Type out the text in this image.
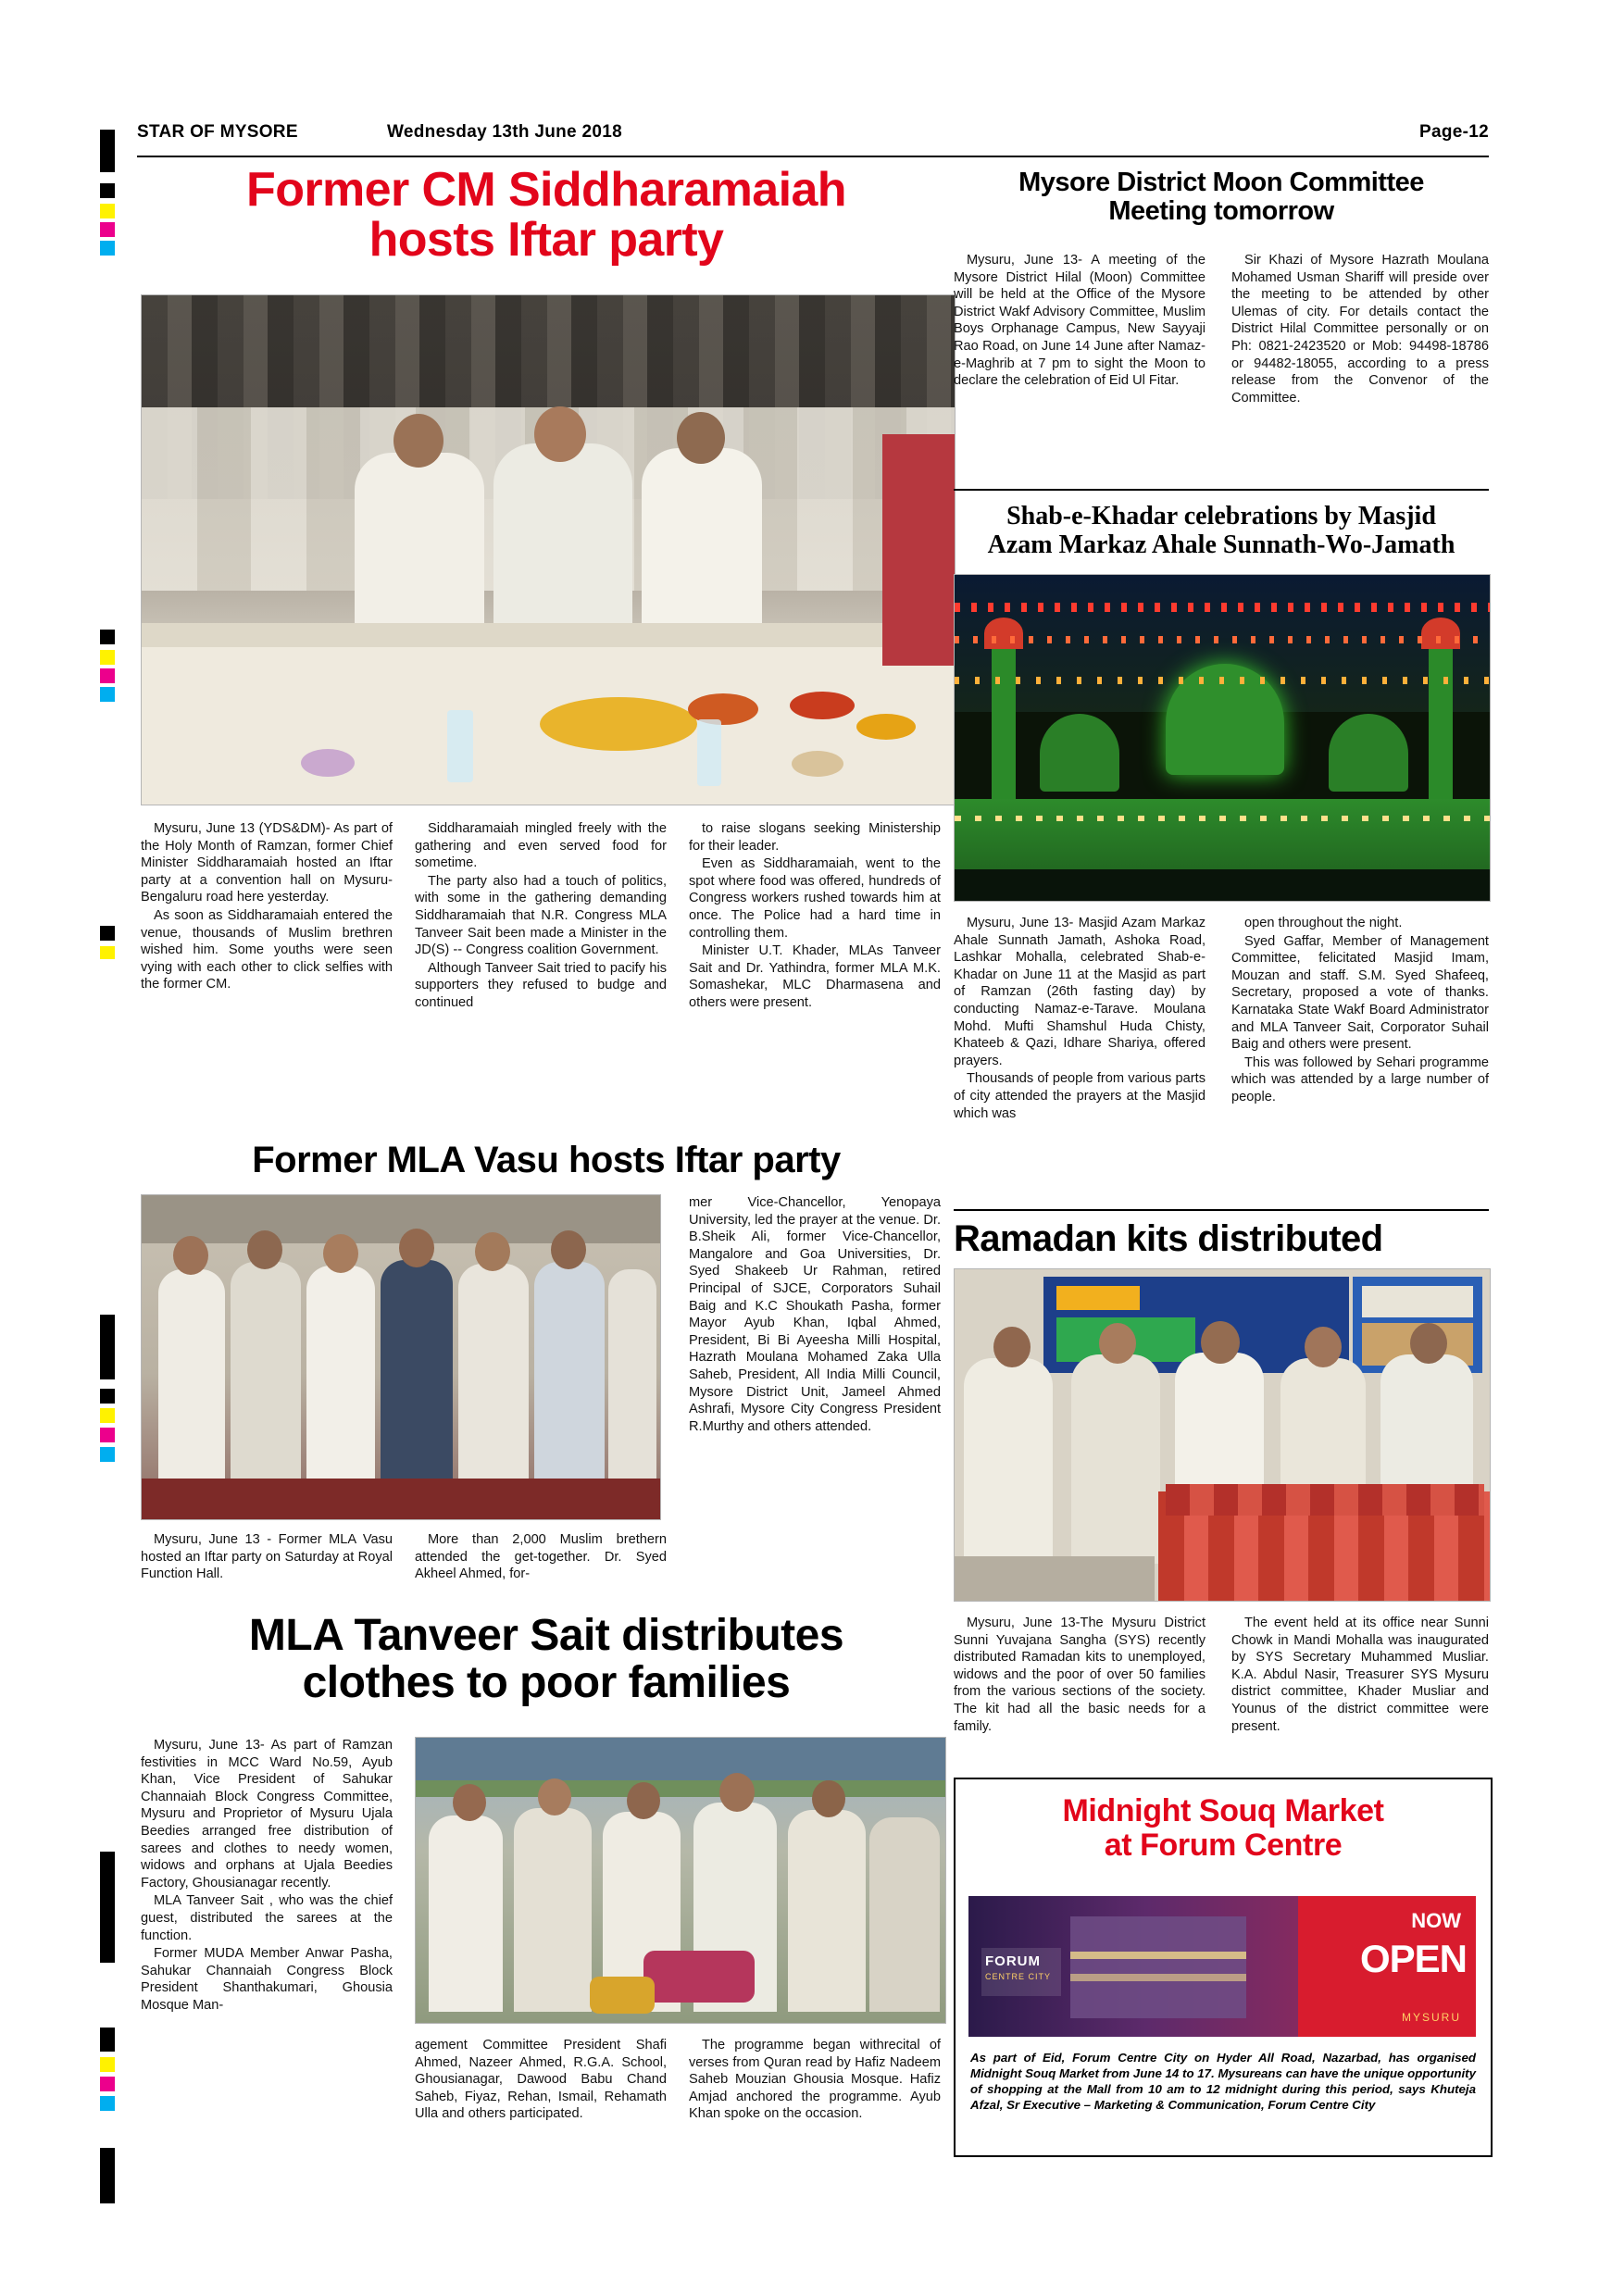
STAR OF MYSORE	Wednesday 13th June 2018	Page-12
Former CM Siddharamaiah
hosts Iftar party

Mysuru, June 13 (YDS&DM)- As part of the Holy Month of Ramzan, former Chief Minister Siddharamaiah hosted an Iftar party at a convention hall on Mysuru-Bengaluru road here yesterday.

As soon as Siddharamaiah entered the venue, thousands of Muslim brethren wished him. Some youths were seen vying with each other to click selfies with the former CM.

Siddharamaiah mingled freely with the gathering and even served food for sometime.

The party also had a touch of politics, with some in the gathering demanding Siddharamaiah that N.R. Congress MLA Tanveer Sait been made a Minister in the JD(S) -- Congress coalition Government.

Although Tanveer Sait tried to pacify his supporters they refused to budge and continued

to raise slogans seeking Ministership for their leader.

Even as Siddharamaiah, went to the spot where food was offered, hundreds of Congress workers rushed towards him at once. The Police had a hard time in controlling them.

Minister U.T. Khader, MLAs Tanveer Sait and Dr. Yathindra, former MLA M.K. Somashekar, MLC Dharmasena and others were present.

Mysore District Moon Committee
Meeting tomorrow

Mysuru, June 13- A meeting of the Mysore District Hilal (Moon) Committee will be held at the Office of the Mysore District Wakf Advisory Committee, Muslim Boys Orphanage Campus, New Sayyaji Rao Road, on June 14 June after Namaz-e-Maghrib at 7 pm to sight the Moon to declare the celebration of Eid Ul Fitar.

Sir Khazi of Mysore Hazrath Moulana Mohamed Usman Shariff will preside over the meeting to be attended by other Ulemas of city. For details contact the District Hilal Committee personally or on Ph: 0821-2423520 or Mob: 94498-18786 or 94482-18055, according to a press release from the Convenor of the Committee.

Shab-e-Khadar celebrations by Masjid
Azam Markaz Ahale Sunnath-Wo-Jamath

Mysuru, June 13- Masjid Azam Markaz Ahale Sunnath Jamath, Ashoka Road, Lashkar Mohalla, celebrated Shab-e-Khadar on June 11 at the Masjid as part of Ramzan (26th fasting day) by conducting Namaz-e-Tarave. Moulana Mohd. Mufti Shamshul Huda Chisty, Khateeb & Qazi, Idhare Shariya, offered prayers.

Thousands of people from various parts of city attended the prayers at the Masjid which was

open throughout the night.

Syed Gaffar, Member of Management Committee, felicitated Masjid Imam, Mouzan and staff. S.M. Syed Shafeeq, Secretary, proposed a vote of thanks. Karnataka State Wakf Board Administrator and MLA Tanveer Sait, Corporator Suhail Baig and others were present.

This was followed by Sehari programme which was attended by a large number of people.

Former MLA Vasu hosts Iftar party

Mysuru, June 13 - Former MLA Vasu hosted an Iftar party on Saturday at Royal Function Hall.

More than 2,000 Muslim brethern attended the get-together. Dr. Syed Akheel Ahmed, for-

mer Vice-Chancellor, Yenopaya University, led the prayer at the venue. Dr. B.Sheik Ali, former Vice-Chancellor, Mangalore and Goa Universities, Dr. Syed Shakeeb Ur Rahman, retired Principal of SJCE, Corporators Suhail Baig and K.C Shoukath Pasha, former Mayor Ayub Khan, Iqbal Ahmed, President, Bi Bi Ayeesha Milli Hospital, Hazrath Moulana Mohamed Zaka Ulla Saheb, President, All India Milli Council, Mysore District Unit, Jameel Ahmed Ashrafi, Mysore City Congress President R.Murthy and others attended.

Ramadan kits distributed

Mysuru, June 13-The Mysuru District Sunni Yuvajana Sangha (SYS) recently distributed Ramadan kits to unemployed, widows and the poor of over 50 families from the various sections of the society. The kit had all the basic needs for a family.

The event held at its office near Sunni Chowk in Mandi Mohalla was inaugurated by SYS Secretary Muhammed Musliar. K.A. Abdul Nasir, Treasurer SYS Mysuru district committee, Khader Musliar and Younus of the district committee were present.

MLA Tanveer Sait distributes
clothes to poor families

Mysuru, June 13- As part of Ramzan festivities in MCC Ward No.59, Ayub Khan, Vice President of Sahukar Channaiah Block Congress Committee, Mysuru and Proprietor of Mysuru Ujala Beedies arranged free distribution of sarees and clothes to needy women, widows and orphans at Ujala Beedies Factory, Ghousianagar recently.

MLA Tanveer Sait , who was the chief guest, distributed the sarees at the function.

Former MUDA Member Anwar Pasha, Sahukar Channaiah Congress Block President Shanthakumari, Ghousia Mosque Man-

agement Committee President Shafi Ahmed, Nazeer Ahmed, R.G.A. School, Ghousianagar, Dawood Babu Chand Saheb, Fiyaz, Rehan, Ismail, Rehamath Ulla and others participated.

The programme began withrecital of verses from Quran read by Hafiz Nadeem Saheb Mouzian Ghousia Mosque. Hafiz Amjad anchored the programme. Ayub Khan spoke on the occasion.

Midnight Souq Market
at Forum Centre
FORUM
CENTRE CITY
NOW
OPEN
MYSURU
As part of Eid, Forum Centre City on Hyder All Road, Nazarbad, has organised Midnight Souq Market from June 14 to 17. Mysureans can have the unique opportunity of shopping at the Mall from 10 am to 12 midnight during this period, says Khuteja Afzal, Sr Executive – Marketing & Communication, Forum Centre City
